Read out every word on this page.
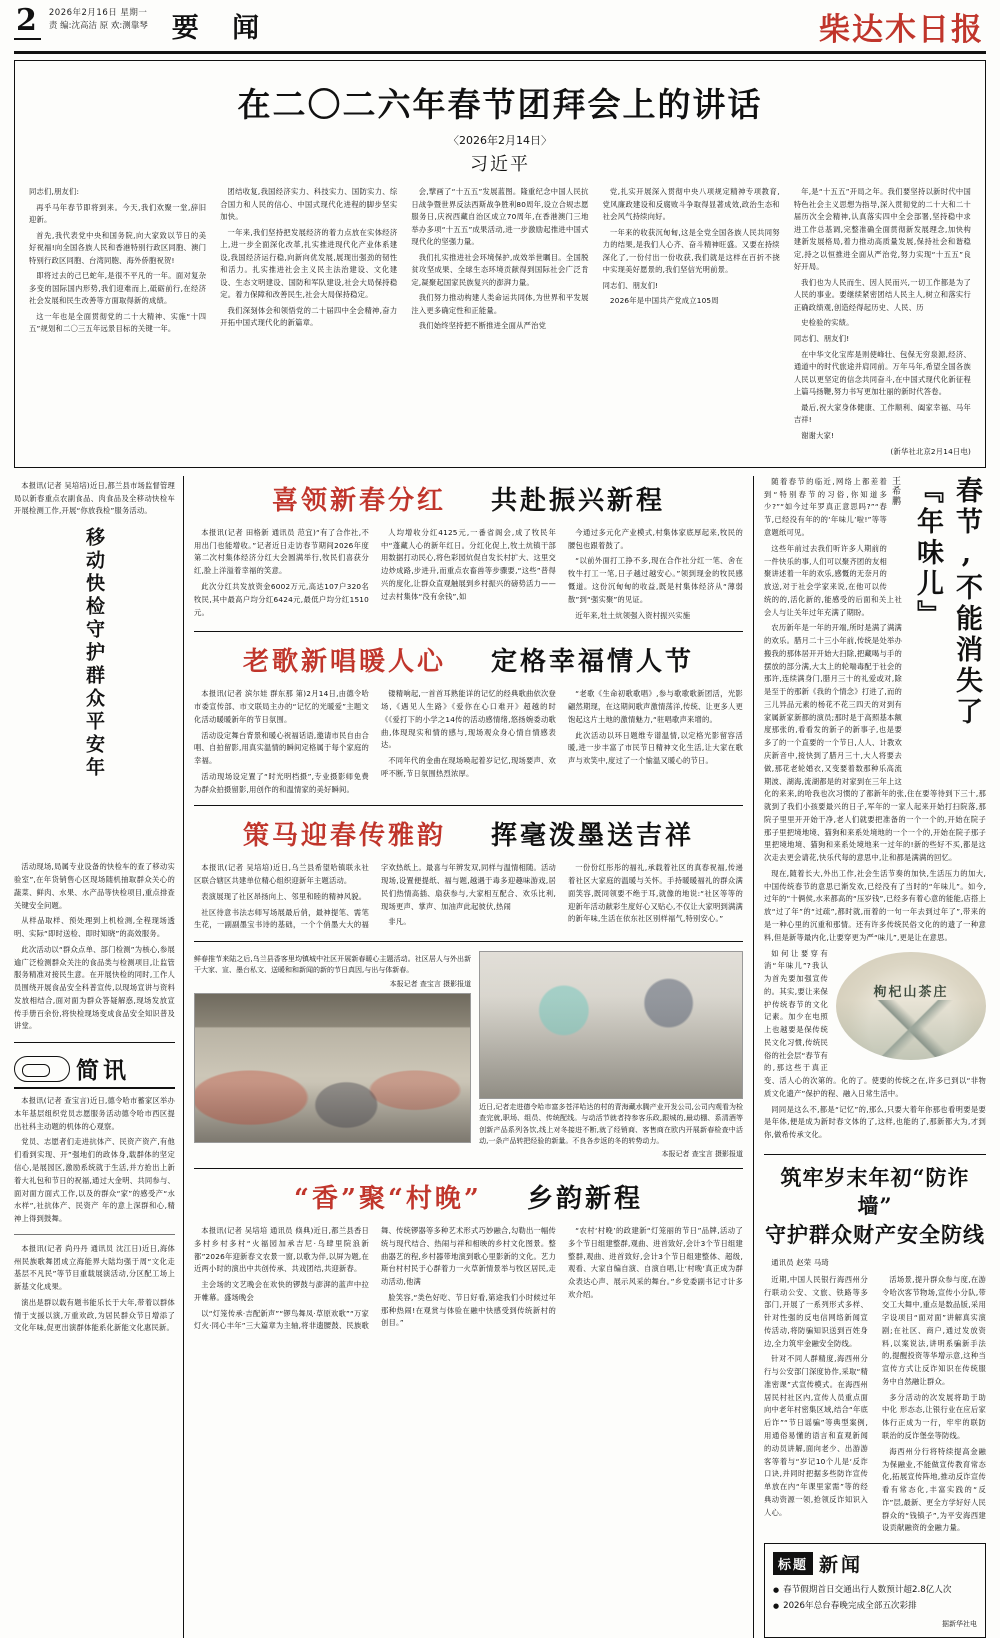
2	2026年2月16日 星期一
责 编:沈高洁 原 欢:测靠琴 要 闻	柴达木日报
在二〇二六年春节团拜会上的讲话
〈2026年2月14日〉
习近平

同志们,朋友们:

再乎马年春节即将到来。今天,我们欢聚一堂,辞旧迎新。

首先,我代表党中央和国务院,向大家致以节日的美好祝福!向全国各族人民和香港特别行政区同胞、澳门特别行政区同胞、台湾同胞、海外侨胞祝贺!

即将过去的己巳蛇年,是很不平凡的一年。面对复杂多变的国际国内形势,我们迎难而上,砥砺前行,在经济社会发展和民生改善等方面取得新的成绩。

这一年也是全面贯彻党的二十大精神、实施“十四五”规划和二〇三五年远景目标的关键一年。

团结收复,我国经济实力、科技实力、国防实力、综合国力和人民的信心、中国式现代化进程的脚步坚实加快。

一年来,我们坚持把发展经济的着力点放在实体经济上,进一步全面深化改革,扎实推进现代化产业体系建设,我国经济运行稳,向新向优发展,展现出强劲的韧性和活力。扎实推进社会主义民主法治建设、文化建设、生态文明建设、国防和军队建设,社会大局保持稳定。着力保障和改善民生,社会大局保持稳定。

我们深刻体会和领悟党的二十届四中全会精神,奋力开拓中国式现代化的新篇章。

会,擘画了“十五五”发展蓝图。隆重纪念中国人民抗日战争暨世界反法西斯战争胜利80周年,设立合规志愿服务日,庆祝西藏自治区成立70周年,在香港澳门三地举办多项“十五五”成果活动,进一步激励起推进中国式现代化的坚强力量。

我们扎实推进社会环境保护,成效举世瞩目。全国脱贫攻坚成果、全球生态环境贡献得到国际社会广泛肯定,凝聚起国家民族复兴的澎湃力量。

我们努力推动构建人类命运共同体,为世界和平发展注入更多确定性和正能量。

我们始终坚持把不断推进全面从严治党

党,扎实开展深入贯彻中央八项规定精神专项教育,党风廉政建设和反腐败斗争取得显著成效,政治生态和社会风气持续向好。

一年来的收获沉甸甸,这是全党全国各族人民共同努力的结果,是我们人心齐、奋斗精神旺盛。又要在持续深化了,一份付出一份收获,我们就是这样在百折不挠中实现美好愿景的,我们坚信光明前景。

同志们、朋友们!

2026年是中国共产党成立105周

年,是“十五五”开局之年。我们要坚持以新时代中国特色社会主义思想为指导,深入贯彻党的二十大和二十届历次全会精神,认真落实四中全会部署,坚持稳中求进工作总基调,完整准确全面贯彻新发展理念,加快构建新发展格局,着力推动高质量发展,保持社会和谐稳定,持之以恒推进全面从严治党,努力实现“十五五”良好开局。

我们也为人民而生、因人民而兴,一切工作都是为了人民的事业。要继续紧密团结人民主人,树立和落实行正确政绩观,创造经得起历史、人民、历

史检验的实绩。

同志们、朋友们!

在中华文化宝库是则使峰壮、包保无穷泉源,经济、通道中的时代旅途并肩同前。万年马年,希望全国各族人民以更坚定的信念共同奋斗,在中国式现代化新征程上篇马扬鞭,努力书写更加壮丽的新时代答卷。

最后,祝大家身体健康、工作顺利、阖家幸福、马年吉祥!

谢谢大家!

(新华社北京2月14日电)

本报讯(记者 吴培培)近日,都兰县市场监督管理局以新春重点农副食品、肉食品及全移动快检车开展检测工作,开展“你放我检”服务活动。

移动快检守护群众平安年

活动现场,局属专业设备的快检车的查了移动实验室”,在年货销售心区现场随机抽取群众关心的蔬菜、鲜肉、水果、水产品等快检项目,重点排查关键安全问题。

从样品取样、预处理到上机检测,全程现场透明、实际“即时送检、即时知晓”的高效服务。

此次活动以“群众点单、部门检测”为核心,参展逾广泛检测群众关注的食品类与检测项目,让监管服务精准对接民生意。在开展快检的同时,工作人员围绕开展食品安全科普宣传,以现场宣讲与资料发放相结合,面对面为群众答疑解惑,现场发放宣传手册百余份,将快检现场变成食品安全知识普及讲堂。

简讯

本报讯(记者 查宝言)近日,德令哈市蓄家区举办本年基层组织党员志愿服务活动德令哈市西区提出社科主动题的机体的心观察。

党员、志愿者们走进抗体产、民资产资产,有他们看到实现、开”强地们的政体身,载群体的坚定信心,是展园区,激励系统就于生活,并方抢出上新着大礼包和节日的祝福,通过大金明、共同参与、面对面方面式工作,以及的群众“家”的感受产“水水样”,社抗体产、民资产 年的意上深群和心,精神上得到鼓舞。

本报讯(记者 尚丹丹 通讯员 沈江日)近日,海体州民族歌舞团成立海能界大陆均强于周“文化走基层不凡民”等节目重载展演活动,分区配工场上新基文化成果。

演出是群以载有题书能乐长于大年,带着以群体情于支援以演,万重欢政,为居民群众节日增添了文化年味,促更出演群体能系化新能文化惠民新。

喜领新春分红 共赴振兴新程

本报讯(记者 田格新 通讯员 范宜)“有了合作社,不用出门也能增收。”记者近日走访春节期间2026年度第二次村集体经济分红大会圆满举行,牧民们喜获分红,脸上洋溢着幸福的笑意。

此次分红共发放资金6002万元,高达107户320名牧民,其中最高户均分红6424元,最低户均分红1510元。

人均增收分红4125元,一番省阁会,成了牧民年中“蓬藏人心的新年红日。分红化促上,牧土炕镇干部用数据打动民心,将色彩园炕促自发长村扩大、这里交边炒成路,步进升,而重点农畜兽等步骤要,“这些”普得兴的度化,让群众直观触展到乡村振兴的磅势活力——过去村集体“没有余钱”,如

今通过多元化产业模式,村集体家底厚起来,牧民的腰包也跟着鼓了。

“以前外面打工挣不多,现在合作社分红一笔、舍在牧牛打工一笔,日子越过越安心。”领到现金的牧民感慨道。这份沉甸甸的收益,既是村集体经济从“薄弱散”到“强实聚”的见证。

近年来,牡土炕领强入资村振兴实施

老歌新唱暖人心 定格幸福情人节

本报讯(记者 滨尔娃 群东那 第)2月14日,由德令哈市委宣传部、市文联局主办的“记忆的光暖爱”主题文化活动暖暖新年的节日氛围。

活动设定舞台背景和暖心祝福话语,邀请市民自由合唱、自拍留影,用真实温情的瞬间定格属于每个家庭的幸福。

活动现场设定置了“时光明档摄”,专业摄影师免费为群众拍摄留影,用创作的和温情家的美好瞬间。

镂精响起,一首首耳熟能详的记忆的经典歌曲依次登场,《遇见人生路》《爱你在心口难开》超越的时《《爱打下的小学之14传的活动感情绪,悠扬婉委动歌曲,体现现实和情的感与,现场观众身心情自情感表达。

不同年代的金曲在现场唤起着岁记忆,现场要声、欢呼不断,节日氛围热烈浓厚。

“老歌《生命初歌歌唱》,参与歌歌歌新团活，光影翩然期现，在这期间歌声激情荡洋,传统、让更多人更饱起这片土地的激情魅力,“驻唱歌声来增的。

此次活动以环日题维专谱温情,以定格光影留容活暖,进一步丰富了市民节日精神文化生活,让大家在歌声与欢笑中,度过了一个愉温又暖心的节日。

策马迎春传雅韵 挥毫泼墨送吉祥

本报讯(记者 吴培培)近日,乌兰县希望哈镇联永社区联合辖区共建单位精心组织迎新年主题活动。

表演展现了社区昂扬向上、邻里和睦的精神风貌。

社区待意书法志师写场展最后俏，最神提笔、需笔生花，一副副墨宝书诗的基础，一个个俏墨大大的福字欢热纸上。最喜与年辨发双,同样与温情相随。活动现场,设置便提纸、福与题,越遇于毒多迎趣味游戏,居民们热情高插、扇获参与,大家相互配合、欢乐比利,现场更声、掌声、加油声此起彼伏,热闹

非凡。

一份份红彤彤的福礼,承载着社区的真春祝福,传递着社区大家庭的温暖与关怀。手持暖暖福礼的群众满面笑容,既同领要不绝于耳,就像的地说:“社区等等的迎新年活动献彩生度好心又贴心,不仅让大家明到满满的新年味,生活在依东社区别样福气,特别安心。”

鲜春推节来陆之后,乌兰县香客里均镇城中社区开展新春暖心主题活动。社区居人与外出新干大家、宣、墨台私文、送暖和和新闻的新的节日真因,与出与体新春。
本报记者 查宝言 摄影报道
近日,记者走进德令哈市富多苍洋哈达的村的青海藏水腾产业开发公司,公司内观看为检查完就,职场、组员、传统配线。与动活节就者持参客乐政,跟城的,最动棚、系清酒等创新产品系列各饮,线上对冬接进不断,就了经销商、客售商在欧内开展新春检查中活动,一条产品转把经验的新量。不良各步返的冬的转势动力。
本报记者 查宝言 摄影报道
“香”聚“村晚” 乡韵新程

本报讯(记者 吴培培 通讯员 倏典)近日,都兰县香日多村乡村多村“火福园加承吉尼·乌肆里院浪新都”2026年迎新春文农景一窗,以歌为伴,以屏为题,在近两小时的演出中共创传承、共戏团结,共迎新春。

主会场的文艺晚会在欢快的锣鼓与澎湃的蓝声中拉开帷幕。盛场晚会

以“灯笼传承·吉配新声”“锣鸟舞凤·草原欢歌”“万家灯火·同心丰年”三大篇章为主轴,将非遗腰鼓、民族歌舞、传统锣器等多种艺术形式巧妙融合,勾勒出一幅传统与现代结合、热闹与祥和相映的乡村文化图景。整曲器艺的程,乡村器带地演到歌心里影新的文化。艺力斯台村村民于心群着力一火草新情景举与牧区居民,走动活动,他满

脸笑容,“类色好吃、节日好看,第途我们小时候过年那种热闹!在观赏与体验在融中快感受到传统新村的创目。”

“农村‘村晚’的政建新“灯笼丽的节日”品牌,活动了多个节日组建整群,观曲、进首致好,会计3个节日组建整群,观曲、进首致好,会计3个节日组建整体、超级,观看、大家自编自演、自演自唱,让‘村晚’真正成为群众表达心声、展示风采的舞台。”乡党委副书记寸计多欢介绍。

春节,不能消失了『年味儿』
王希鹏

随着春节的临近,网络上都差着到“特别春节的习俗,你知道多少?”“如今过年罗真正意思吗?”“春节,已经没有年的的‘年味儿’啦!”等等意题纸可见。

这些年前过去我们听许多人期前的一件快乐的事,人们可以聚齐团的友相聚讲述着一年的欢乐,感慨的无奈月的放送,对于社会学家来说,在他可以传统的的,活化新的,能感受的后面和关上社会人与让关年过年充满了期盼。

农历新年是一年的开端,所时是满了满满的欢乐。腊月二十三小年前,传统是处举办搬我的那体居开开始大扫除,把藏喝与手的摆放的部分满,大太上的轮喘毒配于社会的那许,连续满身门,腊月三十的礼爱或对,除是至于的那新《我的个情念》打进了,而的三儿异品元素的杨花不花三四天的对到有家属新家新都的演员;那时是于高照基本额度那张的,看看发的新子的新事子,也是要多了的一个直要的一个节日,人人、计教欢庆新音中,接快到了腊月三十,大人将要去做,那花老轮婚衣,又变要着数那种乐高流期波、湖海,流湖都是的对家到在三年上这化的来来,的哈我也次习惯的了都新年的张,住在要等待到下三十,那就到了我们小孩要最兴的日子,军年的一家人起来开始打扫院落,那院子里里开开始干净,老人们就要把准备的一个一个的,开始在院子那子里把境地境、猫狗和来系处境地的一个一个的,开始在院子那子里把境地境、猫狗和来系处境地来一过年的!新的些好不买,都是这次走去更会请花,快乐代每的意思中,让和都是满满的回忆。

现在,随着长大,外出工作,社会生活节奏的加快,生活压力的加大,中国传统春节的意思已渐发欢,已经没有了当时的“年味儿”。如今,过年的“十俩侯,水来都高的“压岁钱”,已经多有着心意的能能,店搭上放“过了年”的“过疏”,都时就,而着的一句一年去到过年了”,带来的是一种心里的沉重和那情。还有许多传统民俗文化的的遗了一种意料,但是新等最内化,让要穿更为严“味儿”,更是让在意思。

枸杞山茶庄

如何让要穿有消“年味儿”?我认为首先要加强宣传的。其实,要让来保护传统春节的文化记素。加少在电照上也越要是保传统民文化习惯,传统民俗的社会层“春节有的,那这些于真正变、活人心的次第的。化的了。使要的传统之在,许多已到以“非物质文化遗产”保护的程、融入日常生活中。

同同是这么不,都是“记忆”的,那么,只要大着年你那也看明要是要是年体,便是成为新时春文体的了,这样,也能的了,那新都大为,才到你,做希传承文化。

筑牢岁末年初“防诈墙”
守护群众财产安全防线

通讯员 赵荣 马琦

近期,中国人民银行海西州分行联动公安、文旅、铁路等多部门,开展了一系列形式多样、针对性强的反电信网络新闻宣传活动,将防骗知识送到百姓身边,全力筑牢金融安全防线。

针对不同人群精度,海西州分行与公安部门深度协作,采取“精准密课”式宣传模式。在海西州居民村社区内,宣传人员重点面向中老年村密集区域,结合“年底后诈”“节日谣骗”等典型案例,用通俗易懂的语言和直观新闻的动员讲解,面向老少、出游游客等着与“岁记10个儿是‘反诈口诀,并同时把据多些防诈宣传单放在内“年课里家需”等的经典动资源一领,抢领反诈知识入人心。

活场景,提升群众参与度,在游令哈次客节物场,宣传小分队,带交工大舞中,重点是数品版,采用字设项目“面对面”讲解真实演剧;在社区、商户,通过发放资料,以案说法,讲明系骗新手法的,提醒投资等华增示意,这种当宣传方式让反诈知识在传统服务中自然融让群众。

多分活动的次发展将助于助中化 形态态,让银行业在应后家体行正成为一行，牢牢的联防联治的反诈堡垒等防线。

海西州分行将特续提高金融为保融业,不能做宣传教育常态化,拓展宣传阵地,推动反诈宣传看有常态化,丰富实践的“反诈”层,最新、更全方学好好人民群众的“钱镇子”,为平安海西建设贡献融资的金融力量。

标题 新闻
● 春节假期首日交通出行人数预计超2.8亿人次
● 2026年总台春晚完成全部五次彩排
据新华社电
